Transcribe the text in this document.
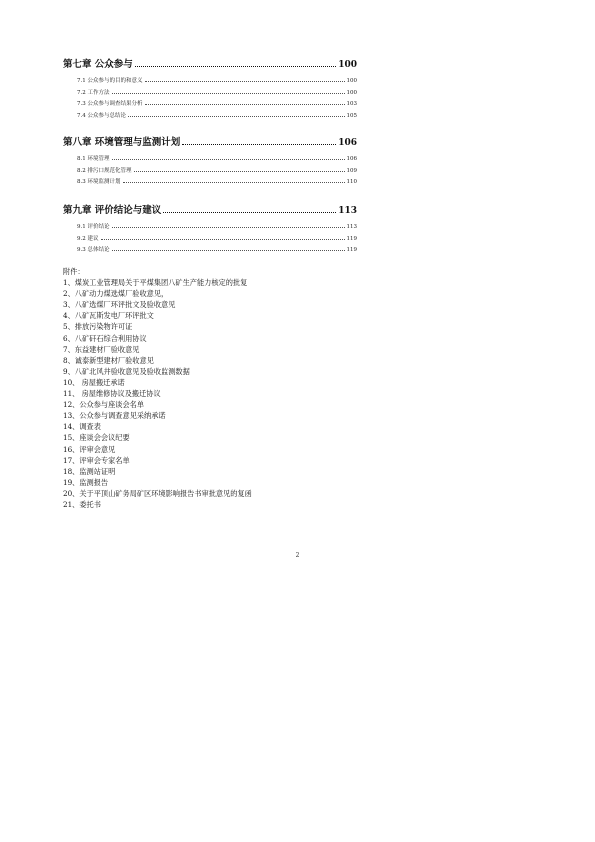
第七章 公众参与	100
7.1 公众参与的目的和意义	100
7.2 工作方法	100
7.3 公众参与调查结果分析	103
7.4 公众参与总结论	105
第八章 环境管理与监测计划	106
8.1 环境管理	106
8.2 排污口规范化管理	109
8.3 环境监测计划	110
第九章 评价结论与建议	113
9.1 评价结论	113
9.2 建议	119
9.3 总体结论	119
附件：
1、煤炭工业管理局关于平煤集团八矿生产能力核定的批复
2、八矿动力煤选煤厂验收意见，
3、八矿选煤厂环评批文及验收意见
4、八矿瓦斯发电厂环评批文
5、排放污染物许可证
6、八矿矸石综合利用协议
7、东益建材厂验收意见
8、诚泰新型建材厂验收意见
9、八矿北风井验收意见及验收监测数据
10、 房屋搬迁承诺
11、 房屋维修协议及搬迁协议
12、公众参与座谈会名单
13、公众参与调查意见采纳承诺
14、调查表
15、座谈会会议纪要
16、评审会意见
17、评审会专家名单
18、监测站证明
19、监测报告
20、关于平顶山矿务局矿区环境影响报告书审批意见的复函
21、委托书
2
